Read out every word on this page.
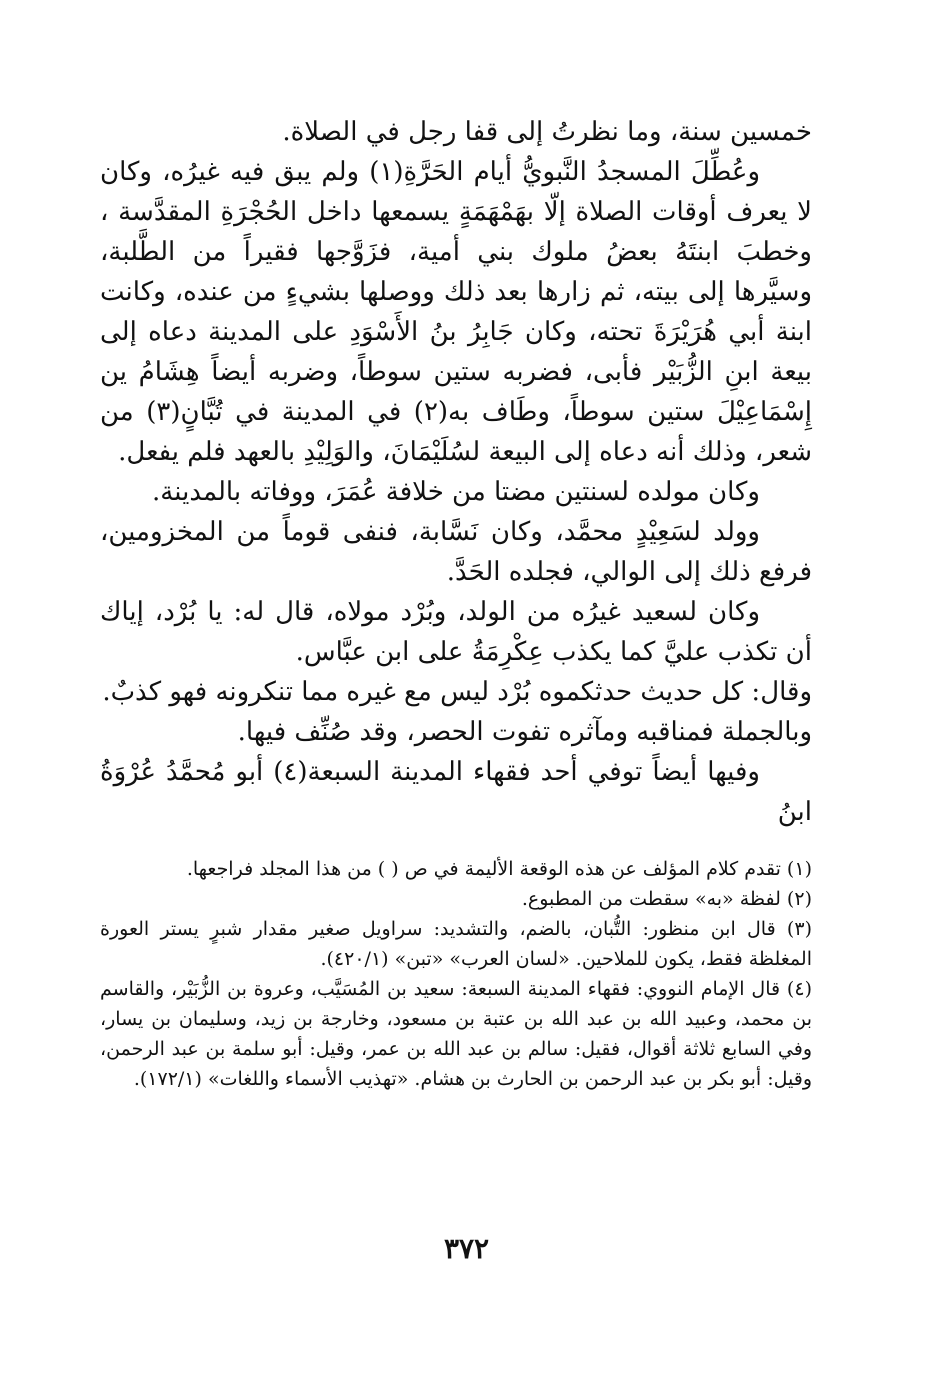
خمسين سنة، وما نظرتُ إلى قفا رجل في الصلاة.

وعُطِّلَ المسجدُ النَّبويُّ أيام الحَرَّةِ(١) ولم يبق فيه غيرُه، وكان لا يعرف أوقات الصلاة إلّا بهَمْهَمَةٍ يسمعها داخل الحُجْرَةِ المقدَّسة ، وخطبَ ابنتَهُ بعضُ ملوك بني أمية، فزَوَّجها فقيراً من الطَّلبة، وسيَّرها إلى بيته، ثم زارها بعد ذلك ووصلها بشيءٍ من عنده، وكانت ابنة أبي هُرَيْرَةَ تحته، وكان جَابِرُ بنُ الأَسْوَدِ على المدينة دعاه إلى بيعة ابنِ الزُّبَيْر فأبى، فضربه ستين سوطاً، وضربه أيضاً هِشَامُ ين إِسْمَاعِيْلَ ستين سوطاً، وطَاف به(٢) في المدينة في تُبَّانٍ(٣) من شعر، وذلك أنه دعاه إلى البيعة لسُلَيْمَانَ، والوَلِيْدِ بالعهد فلم يفعل.

وكان مولده لسنتين مضتا من خلافة عُمَرَ، ووفاته بالمدينة.

وولد لسَعِيْدٍ محمَّد، وكان نَسَّابة، فنفى قوماً من المخزومين، فرفع ذلك إلى الوالي، فجلده الحَدَّ.

وكان لسعيد غيرُه من الولد، وبُرْد مولاه، قال له: يا بُرْد، إياك أن تكذب عليَّ كما يكذب عِكْرِمَةُ على ابن عبَّاس.

وقال: كل حديث حدثكموه بُرْد ليس مع غيره مما تنكرونه فهو كذبٌ.

وبالجملة فمناقبه ومآثره تفوت الحصر، وقد صُنِّف فيها.

وفيها أيضاً توفي أحد فقهاء المدينة السبعة(٤) أبو مُحمَّدُ عُرْوَةُ ابنُ

(١) تقدم كلام المؤلف عن هذه الوقعة الأليمة في ص ( ) من هذا المجلد فراجعها.

(٢) لفظة «به» سقطت من المطبوع.

(٣) قال ابن منظور: التُّبان، بالضم، والتشديد: سراويل صغير مقدار شبرٍ يستر العورة المغلظة فقط، يكون للملاحين. «لسان العرب» «تبن» (٤٢٠/١).

(٤) قال الإمام النووي: فقهاء المدينة السبعة: سعيد بن المُسَيَّب، وعروة بن الزُّبَيْر، والقاسم بن محمد، وعبيد الله بن عبد الله بن عتبة بن مسعود، وخارجة بن زيد، وسليمان بن يسار، وفي السابع ثلاثة أقوال، فقيل: سالم بن عبد الله بن عمر، وقيل: أبو سلمة بن عبد الرحمن، وقيل: أبو بكر بن عبد الرحمن بن الحارث بن هشام. «تهذيب الأسماء واللغات» (١٧٢/١).

٣٧٢
